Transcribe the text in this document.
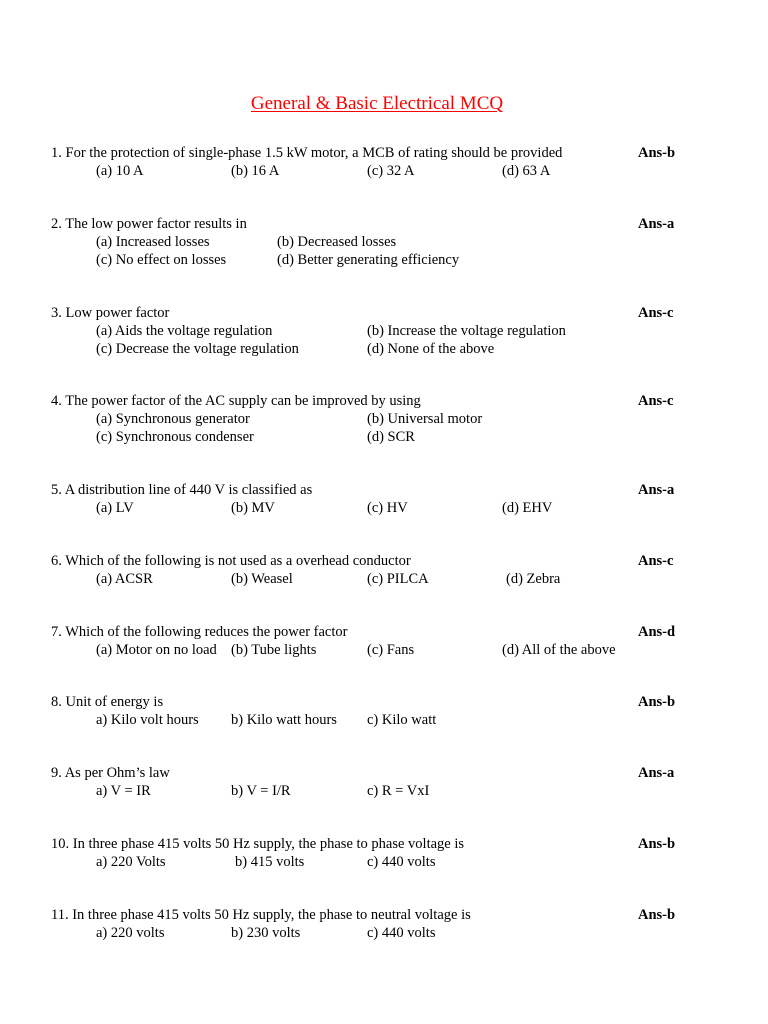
General & Basic Electrical MCQ
1. For the protection of single-phase 1.5 kW motor, a MCB of rating should be provided	Ans-b
(a) 10 A	(b) 16 A	(c) 32 A	(d) 63 A
2. The low power factor results in	Ans-a
(a) Increased losses	(b) Decreased losses
(c) No effect on losses	(d) Better generating efficiency
3. Low power factor	Ans-c
(a) Aids the voltage regulation	(b) Increase the voltage regulation
(c) Decrease the voltage regulation	(d) None of the above
4. The power factor of the AC supply can be improved by using	Ans-c
(a) Synchronous generator	(b) Universal motor
(c) Synchronous condenser	(d) SCR
5. A distribution line of 440 V is classified as	Ans-a
(a) LV	(b) MV	(c) HV	(d) EHV
6. Which of the following is not used as a overhead conductor	Ans-c
(a) ACSR	(b) Weasel	(c) PILCA	(d) Zebra
7. Which of the following reduces the power factor	Ans-d
(a) Motor on no load (b) Tube lights	(c) Fans	(d) All of the above
8. Unit of energy is	Ans-b
a) Kilo volt hours b) Kilo watt hours c) Kilo watt
9. As per Ohm’s law	Ans-a
a) V = IR	b) V = I/R	c) R = VxI
10. In three phase 415 volts 50 Hz supply, the phase to phase voltage is	Ans-b
a) 220 Volts	b) 415 volts	c) 440 volts
11. In three phase 415 volts 50 Hz supply, the phase to neutral voltage is	Ans-b
a) 220 volts	b) 230 volts	c) 440 volts
